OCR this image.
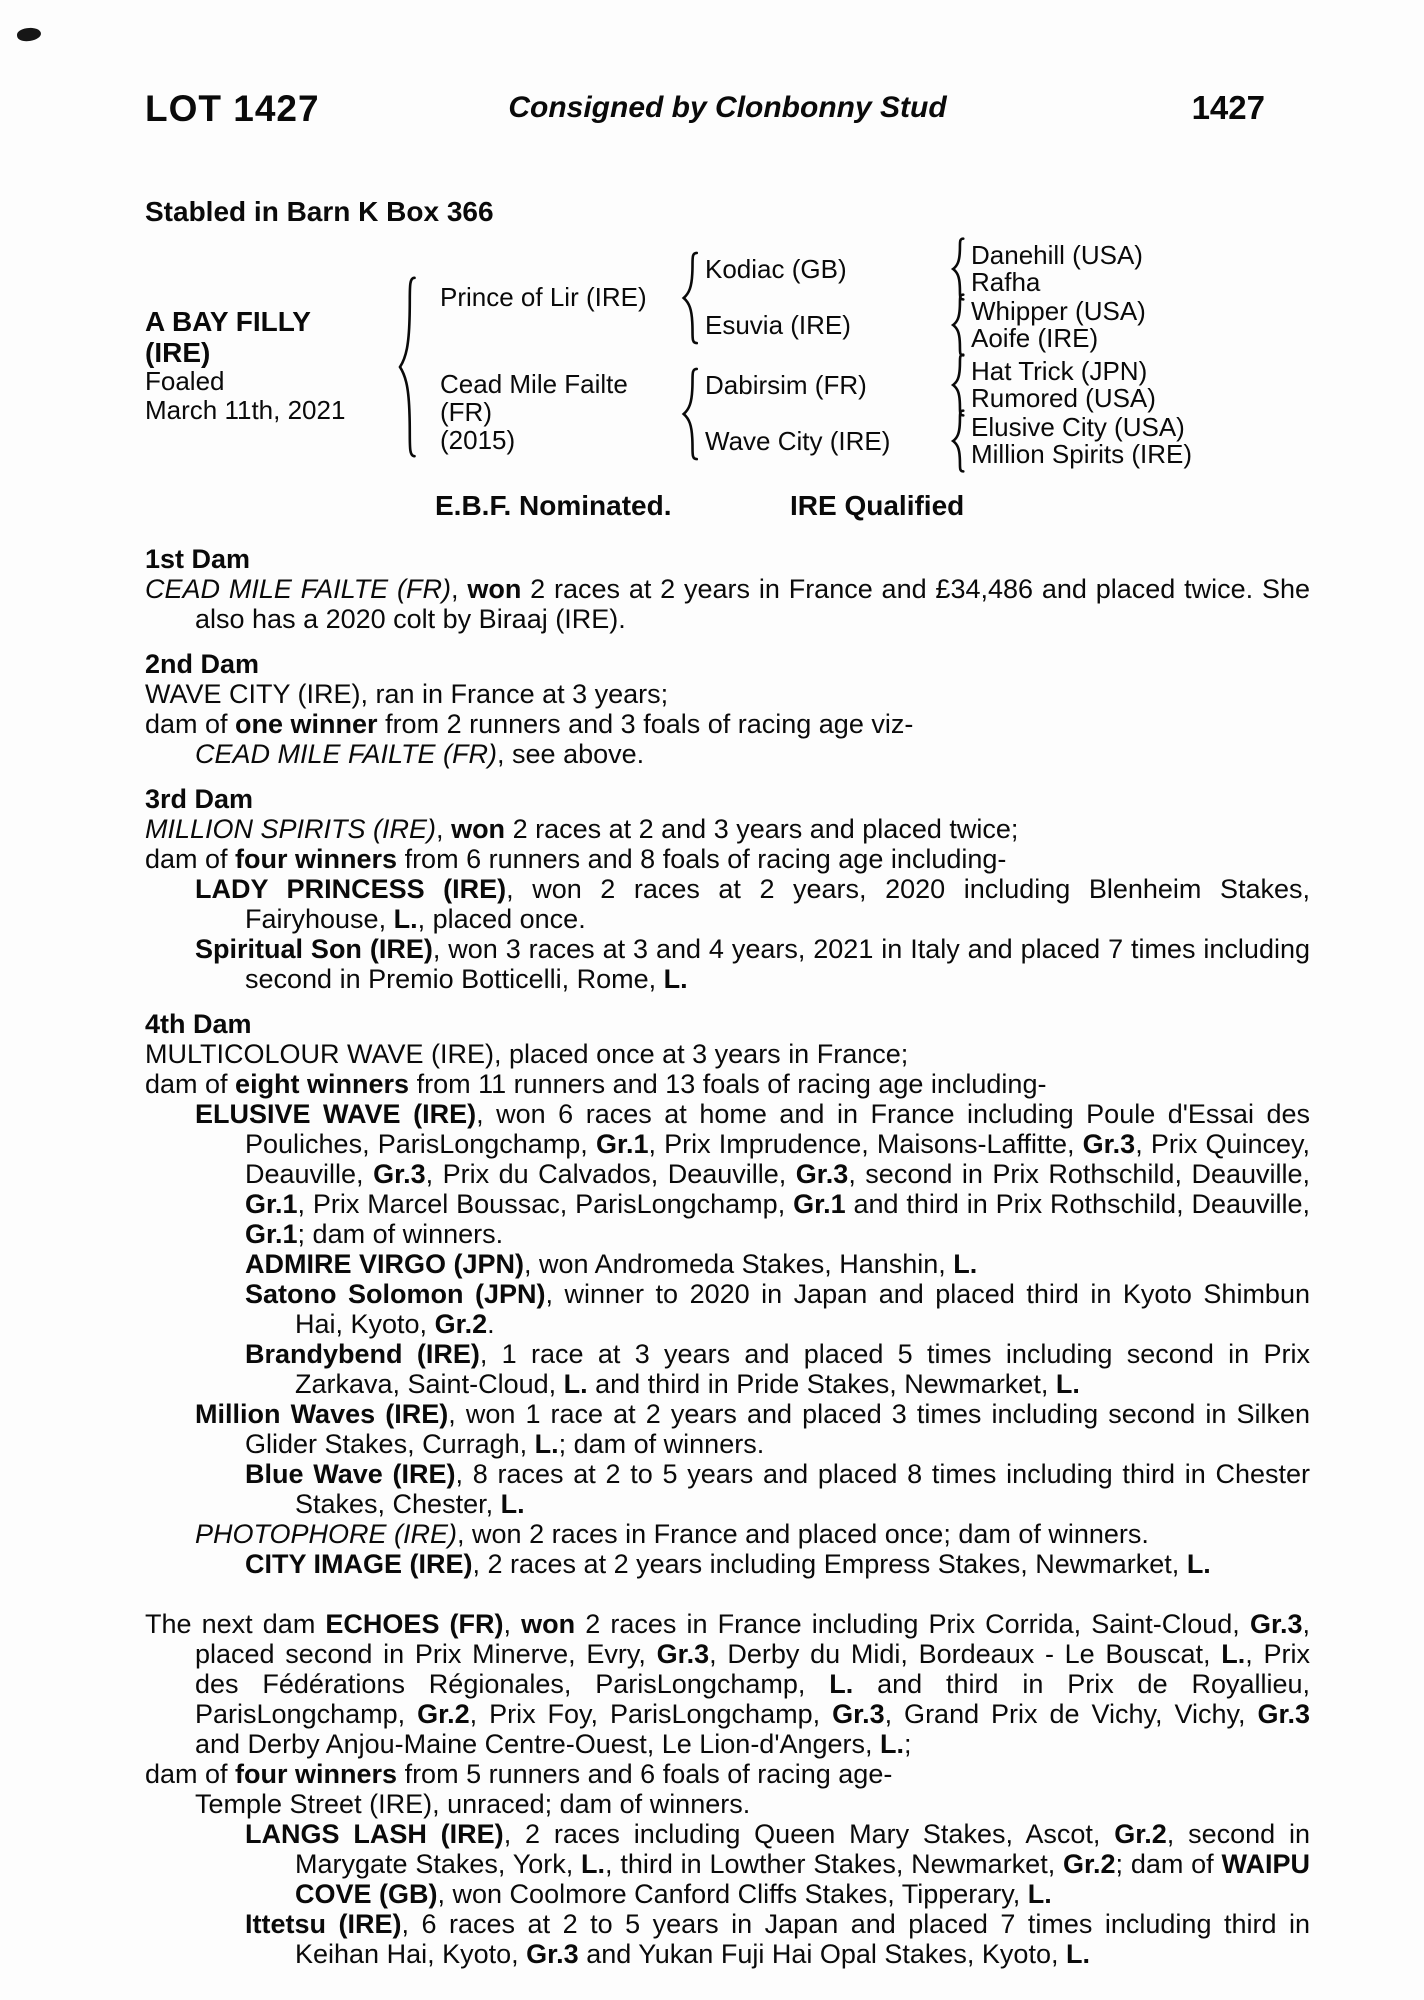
LOT 1427	Consigned by Clonbonny Stud	1427
Stabled in Barn K Box 366
A BAY FILLY
(IRE)
Foaled
March 11th, 2021
Prince of Lir (IRE)
Cead Mile Failte
(FR)
(2015)
Kodiac (GB)
Esuvia (IRE)
Dabirsim (FR)
Wave City (IRE)
Danehill (USA)
Rafha
Whipper (USA)
Aoife (IRE)
Hat Trick (JPN)
Rumored (USA)
Elusive City (USA)
Million Spirits (IRE)
E.B.F. Nominated.	IRE Qualified
1st Dam
CEAD MILE FAILTE (FR), won 2 races at 2 years in France and £34,486 and placed twice. She also has a 2020 colt by Biraaj (IRE).
2nd Dam
WAVE CITY (IRE), ran in France at 3 years;
dam of one winner from 2 runners and 3 foals of racing age viz-
CEAD MILE FAILTE (FR), see above.
3rd Dam
MILLION SPIRITS (IRE), won 2 races at 2 and 3 years and placed twice;
dam of four winners from 6 runners and 8 foals of racing age including-
LADY PRINCESS (IRE), won 2 races at 2 years, 2020 including Blenheim Stakes, Fairyhouse, L., placed once.
Spiritual Son (IRE), won 3 races at 3 and 4 years, 2021 in Italy and placed 7 times including second in Premio Botticelli, Rome, L.
4th Dam
MULTICOLOUR WAVE (IRE), placed once at 3 years in France;
dam of eight winners from 11 runners and 13 foals of racing age including-
ELUSIVE WAVE (IRE), won 6 races at home and in France including Poule d'Essai des Pouliches, ParisLongchamp, Gr.1, Prix Imprudence, Maisons-Laffitte, Gr.3, Prix Quincey, Deauville, Gr.3, Prix du Calvados, Deauville, Gr.3, second in Prix Rothschild, Deauville, Gr.1, Prix Marcel Boussac, ParisLongchamp, Gr.1 and third in Prix Rothschild, Deauville, Gr.1; dam of winners.
ADMIRE VIRGO (JPN), won Andromeda Stakes, Hanshin, L.
Satono Solomon (JPN), winner to 2020 in Japan and placed third in Kyoto Shimbun Hai, Kyoto, Gr.2.
Brandybend (IRE), 1 race at 3 years and placed 5 times including second in Prix Zarkava, Saint-Cloud, L. and third in Pride Stakes, Newmarket, L.
Million Waves (IRE), won 1 race at 2 years and placed 3 times including second in Silken Glider Stakes, Curragh, L.; dam of winners.
Blue Wave (IRE), 8 races at 2 to 5 years and placed 8 times including third in Chester Stakes, Chester, L.
PHOTOPHORE (IRE), won 2 races in France and placed once; dam of winners.
CITY IMAGE (IRE), 2 races at 2 years including Empress Stakes, Newmarket, L.
The next dam ECHOES (FR), won 2 races in France including Prix Corrida, Saint-Cloud, Gr.3, placed second in Prix Minerve, Evry, Gr.3, Derby du Midi, Bordeaux - Le Bouscat, L., Prix des Fédérations Régionales, ParisLongchamp, L. and third in Prix de Royallieu, ParisLongchamp, Gr.2, Prix Foy, ParisLongchamp, Gr.3, Grand Prix de Vichy, Vichy, Gr.3 and Derby Anjou-Maine Centre-Ouest, Le Lion-d'Angers, L.;
dam of four winners from 5 runners and 6 foals of racing age-
Temple Street (IRE), unraced; dam of winners.
LANGS LASH (IRE), 2 races including Queen Mary Stakes, Ascot, Gr.2, second in Marygate Stakes, York, L., third in Lowther Stakes, Newmarket, Gr.2; dam of WAIPU COVE (GB), won Coolmore Canford Cliffs Stakes, Tipperary, L.
Ittetsu (IRE), 6 races at 2 to 5 years in Japan and placed 7 times including third in Keihan Hai, Kyoto, Gr.3 and Yukan Fuji Hai Opal Stakes, Kyoto, L.
